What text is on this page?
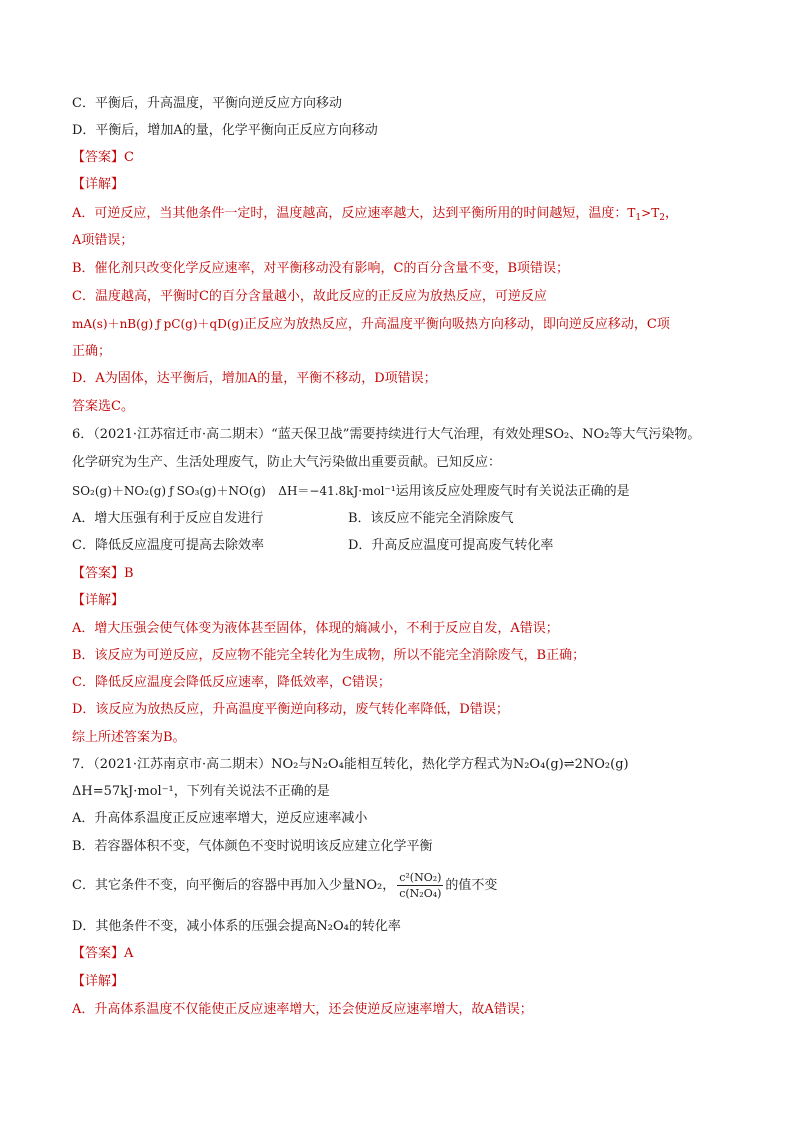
C．平衡后，升高温度，平衡向逆反应方向移动
D．平衡后，增加A的量，化学平衡向正反应方向移动
【答案】C
【详解】
A．可逆反应，当其他条件一定时，温度越高，反应速率越大，达到平衡所用的时间越短，温度：$T_1>T_2$，
A项错误；
B．催化剂只改变化学反应速率，对平衡移动没有影响，C的百分含量不变，B项错误；
C．温度越高，平衡时C的百分含量越小，故此反应的正反应为放热反应，可逆反应
mA(s)＋nB(g) ƒ pC(g)＋qD(g)正反应为放热反应，升高温度平衡向吸热方向移动，即向逆反应移动，C项
正确；
D．A为固体，达平衡后，增加A的量，平衡不移动，D项错误；
答案选C。
6．（2021·江苏宿迁市·高二期末）“蓝天保卫战”需要持续进行大气治理，有效处理SO₂、NO₂等大气污染物。
化学研究为生产、生活处理废气，防止大气污染做出重要贡献。已知反应：
SO₂(g)＋NO₂(g) ƒ SO₃(g)＋NO(g) ΔH＝−41.8kJ·mol⁻¹运用该反应处理废气时有关说法正确的是
A．增大压强有利于反应自发进行	B．该反应不能完全消除废气
C．降低反应温度可提高去除效率	D．升高反应温度可提高废气转化率
【答案】B
【详解】
A．增大压强会使气体变为液体甚至固体，体现的熵减小，不利于反应自发，A错误；
B．该反应为可逆反应，反应物不能完全转化为生成物，所以不能完全消除废气，B正确；
C．降低反应温度会降低反应速率，降低效率，C错误；
D．该反应为放热反应，升高温度平衡逆向移动，废气转化率降低，D错误；
综上所述答案为B。
7．（2021·江苏南京市·高二期末）NO₂与N₂O₄能相互转化，热化学方程式为N₂O₄(g)⇌2NO₂(g)
ΔH=57kJ·mol⁻¹，下列有关说法不正确的是
A．升高体系温度正反应速率增大，逆反应速率减小
B．若容器体积不变，气体颜色不变时说明该反应建立化学平衡
C．其它条件不变，向平衡后的容器中再加入少量NO₂， $\frac{\text{c²(NO₂)}}{\text{c(N₂O₄)}}$ 的值不变
D．其他条件不变，减小体系的压强会提高N₂O₄的转化率
【答案】A
【详解】
A．升高体系温度不仅能使正反应速率增大，还会使逆反应速率增大，故A错误；
